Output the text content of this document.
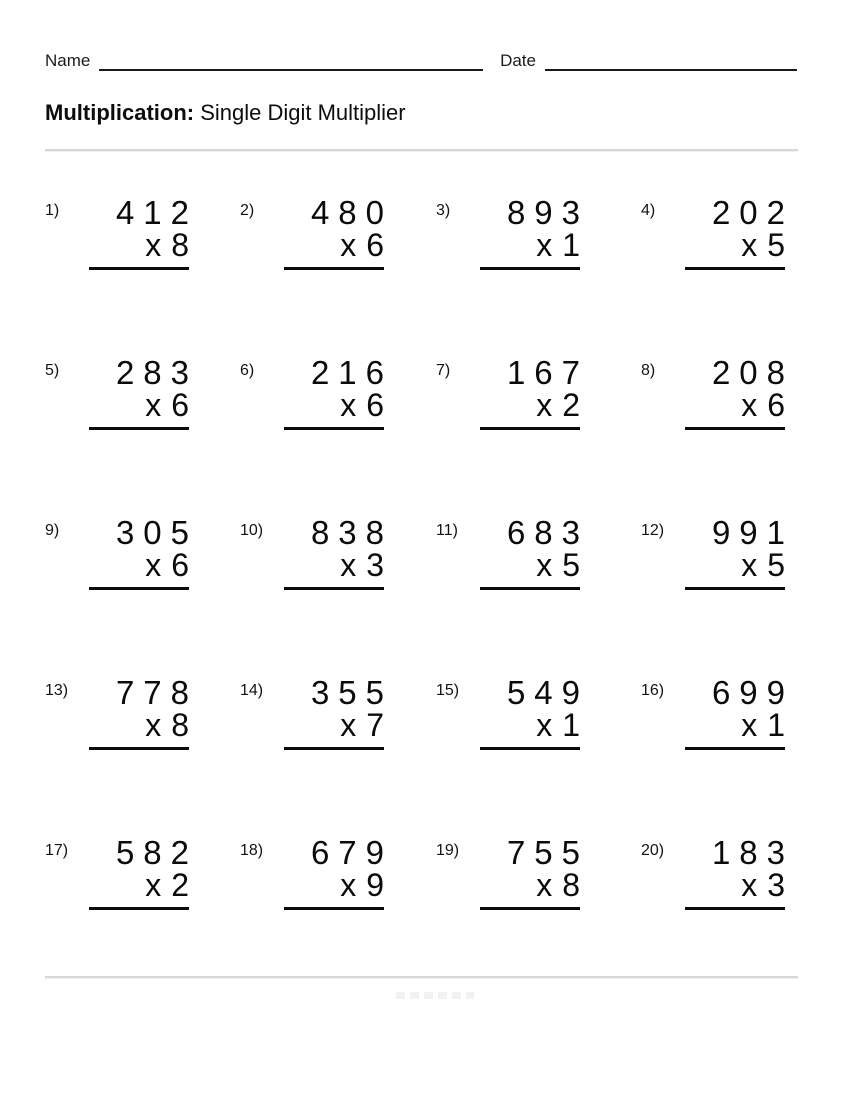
Name	Date
Multiplication: Single Digit Multiplier
1)	412
x 8
2)	480
x 6
3)	893
x 1
4)	202
x 5
5)	283
x 6
6)	216
x 6
7)	167
x 2
8)	208
x 6
9)	305
x 6
10)	838
x 3
11)	683
x 5
12)	991
x 5
13)	778
x 8
14)	355
x 7
15)	549
x 1
16)	699
x 1
17)	582
x 2
18)	679
x 9
19)	755
x 8
20)	183
x 3
